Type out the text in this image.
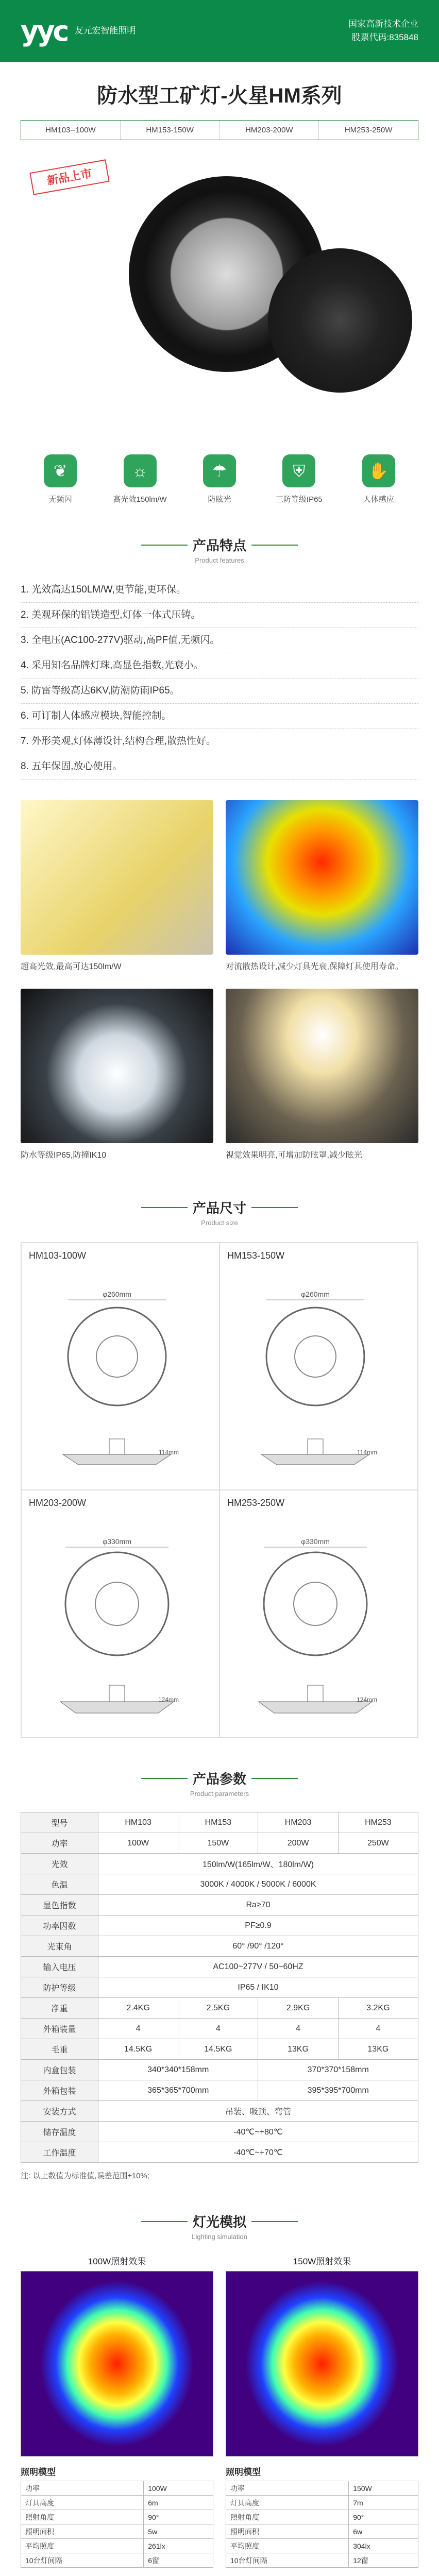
yyc 友元宏智能照明
国家高新技术企业
股票代码:835848
防水型工矿灯-火星HM系列
HM103--100W	HM153-150W	HM203-200W	HM253-250W
新品上市
❦
无频闪
☼
高光效150lm/W
☂
防眩光
⛨
三防等级IP65
✋
人体感应
产品特点
Product features
1. 光效高达150LM/W,更节能,更环保。
2. 美观环保的铝镁造型,灯体一体式压铸。
3. 全电压(AC100-277V)驱动,高PF值,无频闪。
4. 采用知名品牌灯珠,高显色指数,光衰小。
5. 防雷等级高达6KV,防潮防雨IP65。
6. 可订制人体感应模块,智能控制。
7. 外形美观,灯体薄设计,结构合理,散热性好。
8. 五年保固,放心使用。
超高光效,最高可达150lm/W	对流散热设计,减少灯具光衰,保障灯具使用寿命。
防水等级IP65,防撞IK10	视觉效果明亮,可增加防眩罩,减少眩光
产品尺寸
Product size
HM103-100W
φ260mm
114mm
HM153-150W
φ260mm
114mm
HM203-200W
φ330mm
124mm
HM253-250W
φ330mm
124mm
产品参数
Product parameters
型号	HM103	HM153	HM203	HM253
功率	100W	150W	200W	250W
光效	150lm/W(165lm/W、180lm/W)			
色温	3000K / 4000K / 5000K / 6000K			
显色指数	Ra≥70			
功率因数	PF≥0.9			
光束角	60° /90° /120°			
输入电压	AC100~277V / 50~60HZ			
防护等级	IP65 / IK10			
净重	2.4KG	2.5KG	2.9KG	3.2KG
外箱装量	4	4	4	4
毛重	14.5KG	14.5KG	13KG	13KG
内盒包装	340*340*158mm		370*370*158mm	
外箱包装	365*365*700mm		395*395*700mm	
安装方式	吊装、吸顶、弯管			
储存温度	-40℃~+80℃			
工作温度	-40℃~+70℃			
注: 以上数值为标准值,误差范围±10%;
灯光模拟
Lighting simulation
100W照射效果
照明模型
功率	100W
灯具高度	6m
照射角度	90°
照明面积	5w
平均照度	261lx
10台灯间隔	6窗
150W照射效果
照明模型
功率	150W
灯具高度	7m
照射角度	90°
照明面积	6w
平均照度	304lx
10台灯间隔	12窗
